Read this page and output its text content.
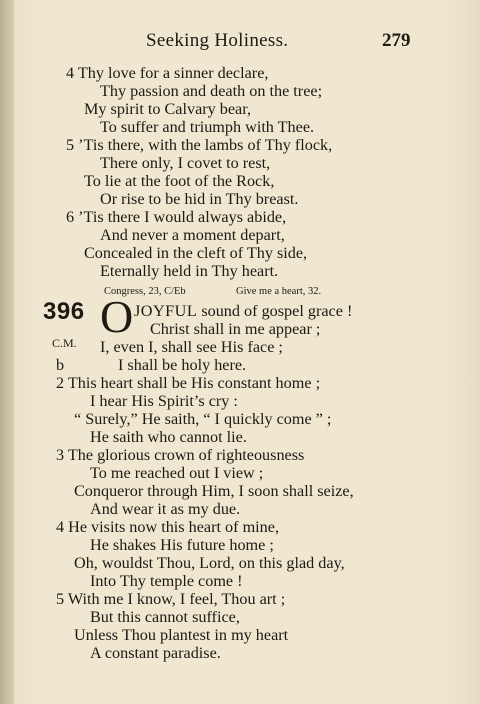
Seeking Holiness.	279
4 Thy love for a sinner declare,
Thy passion and death on the tree;
My spirit to Calvary bear,
To suffer and triumph with Thee.
5 ’Tis there, with the lambs of Thy flock,
There only, I covet to rest,
To lie at the foot of the Rock,
Or rise to be hid in Thy breast.
6 ’Tis there I would always abide,
And never a moment depart,
Concealed in the cleft of Thy side,
Eternally held in Thy heart.
Congress, 23, C/Eb	Give me a heart, 32.
396 O JOYFUL sound of gospel grace !
Christ shall in me appear ;
C.M. I, even I, shall see His face ;
b	I shall be holy here.
2 This heart shall be His constant home ;
I hear His Spirit’s cry :
“ Surely,” He saith, “ I quickly come ” ;
He saith who cannot lie.
3 The glorious crown of righteousness
To me reached out I view ;
Conqueror through Him, I soon shall seize,
And wear it as my due.
4 He visits now this heart of mine,
He shakes His future home ;
Oh, wouldst Thou, Lord, on this glad day,
Into Thy temple come !
5 With me I know, I feel, Thou art ;
But this cannot suffice,
Unless Thou plantest in my heart
A constant paradise.
